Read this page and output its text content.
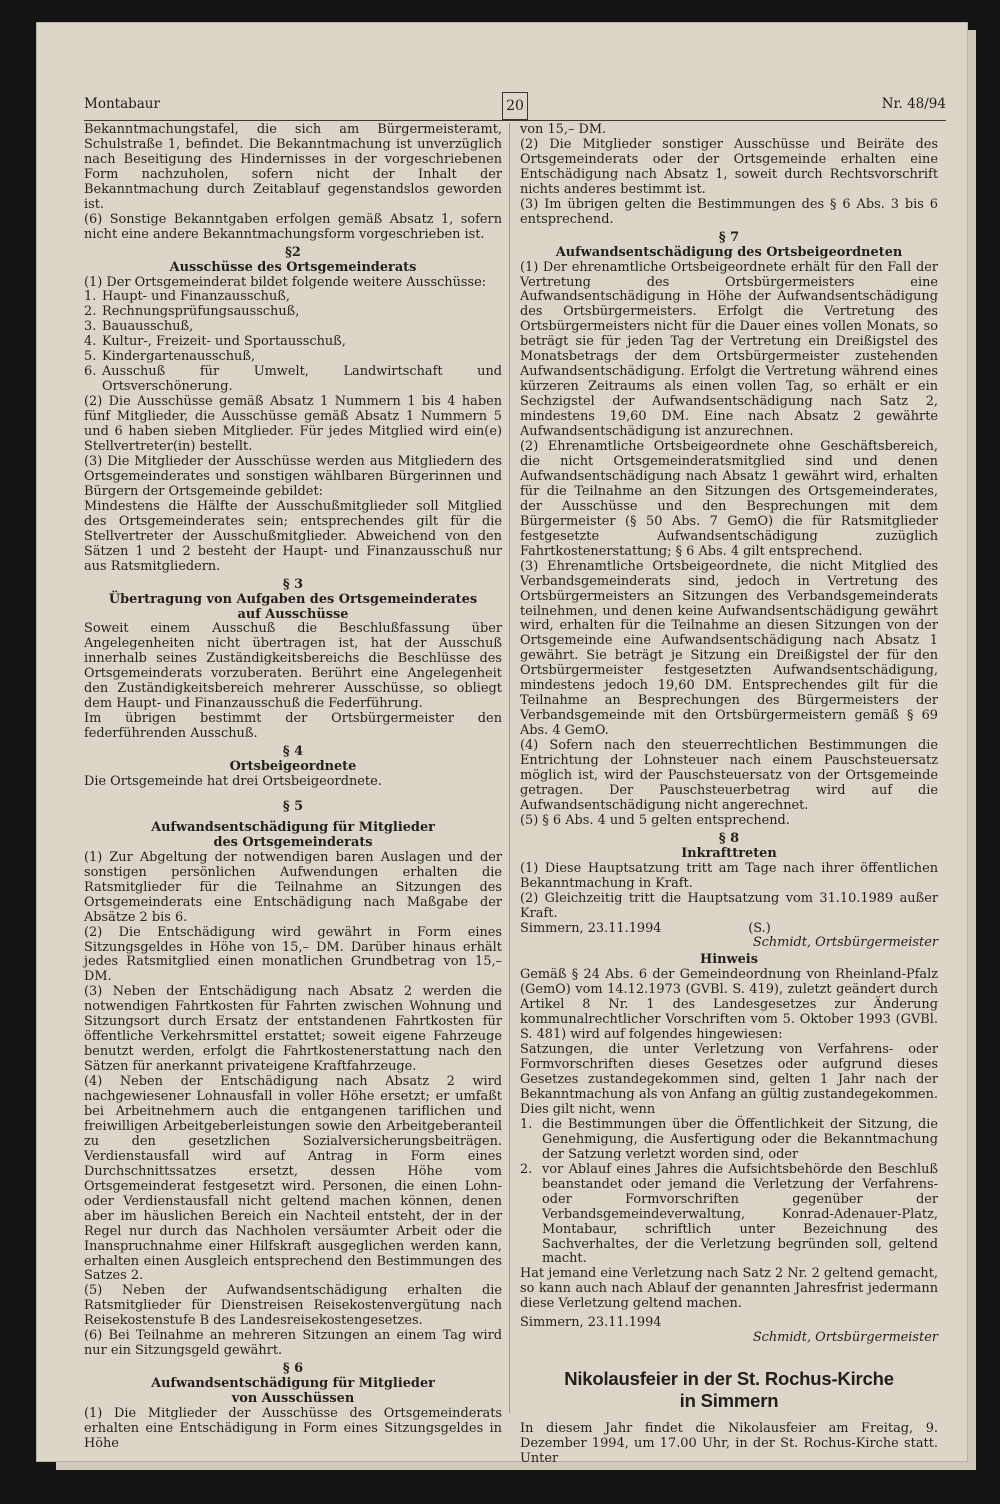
Montabaur	20	Nr. 48/94

Bekanntmachungstafel, die sich am Bürgermeisteramt, Schulstraße 1, befindet. Die Bekanntmachung ist unverzüglich nach Beseitigung des Hindernisses in der vorgeschriebenen Form nachzuholen, sofern nicht der Inhalt der Bekanntmachung durch Zeitablauf gegenstandslos geworden ist.

(6) Sonstige Bekanntgaben erfolgen gemäß Absatz 1, sofern nicht eine andere Bekanntmachungsform vorgeschrieben ist.

§2

Ausschüsse des Ortsgemeinderats

(1) Der Ortsgemeinderat bildet folgende weitere Ausschüsse:

1. Haupt- und Finanzausschuß,
2. Rechnungsprüfungsausschuß,
3. Bauausschuß,
4. Kultur-, Freizeit- und Sportausschuß,
5. Kindergartenausschuß,
6. Ausschuß für Umwelt, Landwirtschaft und Ortsverschönerung.

(2) Die Ausschüsse gemäß Absatz 1 Nummern 1 bis 4 haben fünf Mitglieder, die Ausschüsse gemäß Absatz 1 Nummern 5 und 6 haben sieben Mitglieder. Für jedes Mitglied wird ein(e) Stellvertreter(in) bestellt.

(3) Die Mitglieder der Ausschüsse werden aus Mitgliedern des Ortsgemeinderates und sonstigen wählbaren Bürgerinnen und Bürgern der Ortsgemeinde gebildet:

Mindestens die Hälfte der Ausschußmitglieder soll Mitglied des Ortsgemeinderates sein; entsprechendes gilt für die Stellvertreter der Ausschußmitglieder. Abweichend von den Sätzen 1 und 2 besteht der Haupt- und Finanzausschuß nur aus Ratsmitgliedern.

§ 3

Übertragung von Aufgaben des Ortsgemeinderates

auf Ausschüsse

Soweit einem Ausschuß die Beschlußfassung über Angelegenheiten nicht übertragen ist, hat der Ausschuß innerhalb seines Zuständigkeitsbereichs die Beschlüsse des Ortsgemeinderats vorzuberaten. Berührt eine Angelegenheit den Zuständigkeitsbereich mehrerer Ausschüsse, so obliegt dem Haupt- und Finanzausschuß die Federführung.

Im übrigen bestimmt der Ortsbürgermeister den federführenden Ausschuß.

§ 4

Ortsbeigeordnete

Die Ortsgemeinde hat drei Ortsbeigeordnete.

§ 5

Aufwandsentschädigung für Mitglieder

des Ortsgemeinderats

(1) Zur Abgeltung der notwendigen baren Auslagen und der sonstigen persönlichen Aufwendungen erhalten die Ratsmitglieder für die Teilnahme an Sitzungen des Ortsgemeinderats eine Entschädigung nach Maßgabe der Absätze 2 bis 6.

(2) Die Entschädigung wird gewährt in Form eines Sitzungsgeldes in Höhe von 15,– DM. Darüber hinaus erhält jedes Ratsmitglied einen monatlichen Grundbetrag von 15,– DM.

(3) Neben der Entschädigung nach Absatz 2 werden die notwendigen Fahrtkosten für Fahrten zwischen Wohnung und Sitzungsort durch Ersatz der entstandenen Fahrtkosten für öffentliche Verkehrsmittel erstattet; soweit eigene Fahrzeuge benutzt werden, erfolgt die Fahrtkostenerstattung nach den Sätzen für anerkannt privateigene Kraftfahrzeuge.

(4) Neben der Entschädigung nach Absatz 2 wird nachgewiesener Lohnausfall in voller Höhe ersetzt; er umfaßt bei Arbeitnehmern auch die entgangenen tariflichen und freiwilligen Arbeitgeberleistungen sowie den Arbeitgeberanteil zu den gesetzlichen Sozialversicherungsbeiträgen. Verdienstausfall wird auf Antrag in Form eines Durchschnittssatzes ersetzt, dessen Höhe vom Ortsgemeinderat festgesetzt wird. Personen, die einen Lohn- oder Verdienstausfall nicht geltend machen können, denen aber im häuslichen Bereich ein Nachteil entsteht, der in der Regel nur durch das Nachholen versäumter Arbeit oder die Inanspruchnahme einer Hilfskraft ausgeglichen werden kann, erhalten einen Ausgleich entsprechend den Bestimmungen des Satzes 2.

(5) Neben der Aufwandsentschädigung erhalten die Ratsmitglieder für Dienstreisen Reisekostenvergütung nach Reisekostenstufe B des Landesreisekostengesetzes.

(6) Bei Teilnahme an mehreren Sitzungen an einem Tag wird nur ein Sitzungsgeld gewährt.

§ 6

Aufwandsentschädigung für Mitglieder

von Ausschüssen

(1) Die Mitglieder der Ausschüsse des Ortsgemeinderats erhalten eine Entschädigung in Form eines Sitzungsgeldes in Höhe

von 15,– DM.

(2) Die Mitglieder sonstiger Ausschüsse und Beiräte des Ortsgemeinderats oder der Ortsgemeinde erhalten eine Entschädigung nach Absatz 1, soweit durch Rechtsvorschrift nichts anderes bestimmt ist.

(3) Im übrigen gelten die Bestimmungen des § 6 Abs. 3 bis 6 entsprechend.

§ 7

Aufwandsentschädigung des Ortsbeigeordneten

(1) Der ehrenamtliche Ortsbeigeordnete erhält für den Fall der Vertretung des Ortsbürgermeisters eine Aufwandsentschädigung in Höhe der Aufwandsentschädigung des Ortsbürgermeisters. Erfolgt die Vertretung des Ortsbürgermeisters nicht für die Dauer eines vollen Monats, so beträgt sie für jeden Tag der Vertretung ein Dreißigstel des Monatsbetrags der dem Ortsbürgermeister zustehenden Aufwandsentschädigung. Erfolgt die Vertretung während eines kürzeren Zeitraums als einen vollen Tag, so erhält er ein Sechzigstel der Aufwandsentschädigung nach Satz 2, mindestens 19,60 DM. Eine nach Absatz 2 gewährte Aufwandsentschädigung ist anzurechnen.

(2) Ehrenamtliche Ortsbeigeordnete ohne Geschäftsbereich, die nicht Ortsgemeinderatsmitglied sind und denen Aufwandsentschädigung nach Absatz 1 gewährt wird, erhalten für die Teilnahme an den Sitzungen des Ortsgemeinderates, der Ausschüsse und den Besprechungen mit dem Bürgermeister (§ 50 Abs. 7 GemO) die für Ratsmitglieder festgesetzte Aufwandsentschädigung zuzüglich Fahrtkostenerstattung; § 6 Abs. 4 gilt entsprechend.

(3) Ehrenamtliche Ortsbeigeordnete, die nicht Mitglied des Verbandsgemeinderats sind, jedoch in Vertretung des Ortsbürgermeisters an Sitzungen des Verbandsgemeinderats teilnehmen, und denen keine Aufwandsentschädigung gewährt wird, erhalten für die Teilnahme an diesen Sitzungen von der Ortsgemeinde eine Aufwandsentschädigung nach Absatz 1 gewährt. Sie beträgt je Sitzung ein Dreißigstel der für den Ortsbürgermeister festgesetzten Aufwandsentschädigung, mindestens jedoch 19,60 DM. Entsprechendes gilt für die Teilnahme an Besprechungen des Bürgermeisters der Verbandsgemeinde mit den Ortsbürgermeistern gemäß § 69 Abs. 4 GemO.

(4) Sofern nach den steuerrechtlichen Bestimmungen die Entrichtung der Lohnsteuer nach einem Pauschsteuersatz möglich ist, wird der Pauschsteuersatz von der Ortsgemeinde getragen. Der Pauschsteuerbetrag wird auf die Aufwandsentschädigung nicht angerechnet.

(5) § 6 Abs. 4 und 5 gelten entsprechend.

§ 8

Inkrafttreten

(1) Diese Hauptsatzung tritt am Tage nach ihrer öffentlichen Bekanntmachung in Kraft.

(2) Gleichzeitig tritt die Hauptsatzung vom 31.10.1989 außer Kraft.

Simmern, 23.11.1994	(S.)

Schmidt, Ortsbürgermeister

Hinweis

Gemäß § 24 Abs. 6 der Gemeindeordnung von Rheinland-Pfalz (GemO) vom 14.12.1973 (GVBl. S. 419), zuletzt geändert durch Artikel 8 Nr. 1 des Landesgesetzes zur Änderung kommunalrechtlicher Vorschriften vom 5. Oktober 1993 (GVBl. S. 481) wird auf folgendes hingewiesen:

Satzungen, die unter Verletzung von Verfahrens- oder Formvorschriften dieses Gesetzes oder aufgrund dieses Gesetzes zustandegekommen sind, gelten 1 Jahr nach der Bekanntmachung als von Anfang an gültig zustandegekommen. Dies gilt nicht, wenn

1. die Bestimmungen über die Öffentlichkeit der Sitzung, die Genehmigung, die Ausfertigung oder die Bekanntmachung der Satzung verletzt worden sind, oder
2. vor Ablauf eines Jahres die Aufsichtsbehörde den Beschluß beanstandet oder jemand die Verletzung der Verfahrens- oder Formvorschriften gegenüber der Verbandsgemeindeverwaltung, Konrad-Adenauer-Platz, Montabaur, schriftlich unter Bezeichnung des Sachverhaltes, der die Verletzung begründen soll, geltend macht.

Hat jemand eine Verletzung nach Satz 2 Nr. 2 geltend gemacht, so kann auch nach Ablauf der genannten Jahresfrist jedermann diese Verletzung geltend machen.

Simmern, 23.11.1994

Schmidt, Ortsbürgermeister

Nikolausfeier in der St. Rochus-Kirche
in Simmern

In diesem Jahr findet die Nikolausfeier am Freitag, 9. Dezember 1994, um 17.00 Uhr, in der St. Rochus-Kirche statt. Unter
